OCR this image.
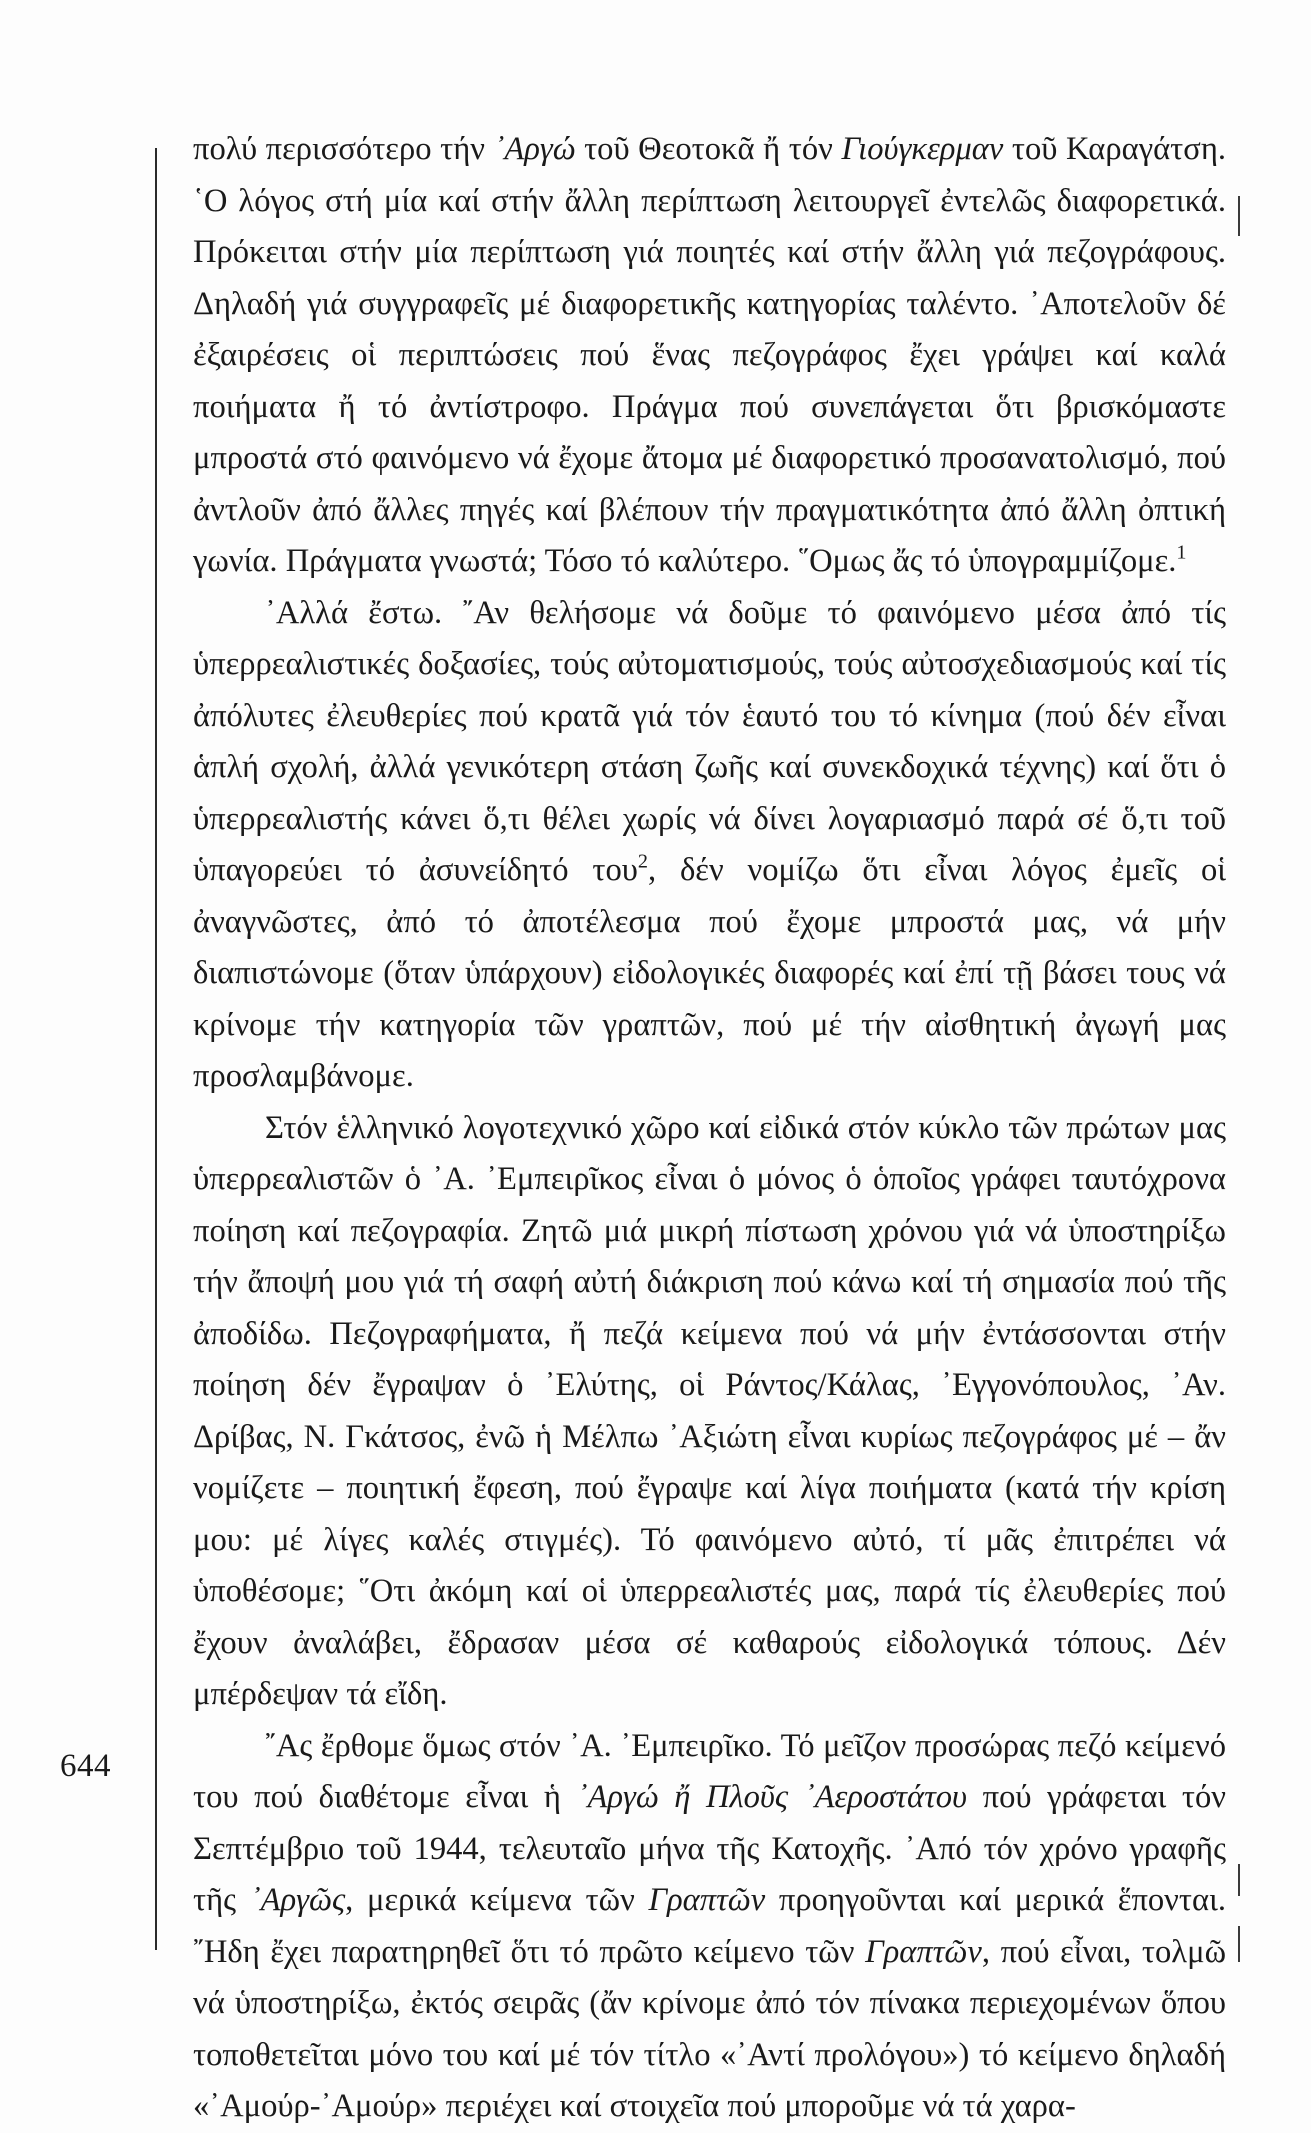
644

πολύ περισσότερο τήν ᾽Αργώ τοῦ Θεοτοκᾶ ἤ τόν Γιούγκερμαν τοῦ Καραγάτση. ῾Ο λόγος στή μία καί στήν ἄλλη περίπτωση λειτουργεῖ ἐντελῶς διαφορετικά. Πρόκειται στήν μία περίπτωση γιά ποιητές καί στήν ἄλλη γιά πεζογράφους. Δηλαδή γιά συγγραφεῖς μέ διαφορετικῆς κατηγορίας ταλέντο. ᾽Αποτελοῦν δέ ἐξαιρέσεις οἱ περιπτώσεις πού ἕνας πεζογράφος ἔχει γράψει καί καλά ποιήματα ἤ τό ἀντίστροφο. Πράγμα πού συνεπάγεται ὅτι βρισκόμαστε μπροστά στό φαινόμενο νά ἔχομε ἄτομα μέ διαφορετικό προσανατολισμό, πού ἀντλοῦν ἀπό ἄλλες πηγές καί βλέπουν τήν πραγματικότητα ἀπό ἄλλη ὀπτική γωνία. Πράγματα γνωστά; Τόσο τό καλύτερο. ῞Ομως ἄς τό ὑπογραμμίζομε.$^1$

᾽Αλλά ἔστω. ῎Αν θελήσομε νά δοῦμε τό φαινόμενο μέσα ἀπό τίς ὑπερρεαλιστικές δοξασίες, τούς αὐτοματισμούς, τούς αὐτοσχεδιασμούς καί τίς ἀπόλυτες ἐλευθερίες πού κρατᾶ γιά τόν ἑαυτό του τό κίνημα (πού δέν εἶναι ἁπλή σχολή, ἀλλά γενικότερη στάση ζωῆς καί συνεκδοχικά τέχνης) καί ὅτι ὁ ὑπερρεαλιστής κάνει ὅ,τι θέλει χωρίς νά δίνει λογαριασμό παρά σέ ὅ,τι τοῦ ὑπαγορεύει τό ἀσυνείδητό του$^2$, δέν νομίζω ὅτι εἶναι λόγος ἐμεῖς οἱ ἀναγνῶστες, ἀπό τό ἀποτέλεσμα πού ἔχομε μπροστά μας, νά μήν διαπιστώνομε (ὅταν ὑπάρχουν) εἰδολογικές διαφορές καί ἐπί τῇ βάσει τους νά κρίνομε τήν κατηγορία τῶν γραπτῶν, πού μέ τήν αἰσθητική ἀγωγή μας προσλαμβάνομε.

Στόν ἑλληνικό λογοτεχνικό χῶρο καί εἰδικά στόν κύκλο τῶν πρώτων μας ὑπερρεαλιστῶν ὁ ᾽Α. ᾽Εμπειρῖκος εἶναι ὁ μόνος ὁ ὁποῖος γράφει ταυτόχρονα ποίηση καί πεζογραφία. Ζητῶ μιά μικρή πίστωση χρόνου γιά νά ὑποστηρίξω τήν ἄποψή μου γιά τή σαφή αὐτή διάκριση πού κάνω καί τή σημασία πού τῆς ἀποδίδω. Πεζογραφήματα, ἤ πεζά κείμενα πού νά μήν ἐντάσσονται στήν ποίηση δέν ἔγραψαν ὁ ᾽Ελύτης, οἱ Ράντος/Κάλας, ᾽Εγγονόπουλος, ᾽Αν. Δρίβας, Ν. Γκάτσος, ἐνῶ ἡ Μέλπω ᾽Αξιώτη εἶναι κυρίως πεζογράφος μέ – ἄν νομίζετε – ποιητική ἔφεση, πού ἔγραψε καί λίγα ποιήματα (κατά τήν κρίση μου: μέ λίγες καλές στιγμές). Τό φαινόμενο αὐτό, τί μᾶς ἐπιτρέπει νά ὑποθέσομε; ῞Οτι ἀκόμη καί οἱ ὑπερρεαλιστές μας, παρά τίς ἐλευθερίες πού ἔχουν ἀναλάβει, ἔδρασαν μέσα σέ καθαρούς εἰδολογικά τόπους. Δέν μπέρδεψαν τά εἴδη.

῎Ας ἔρθομε ὅμως στόν ᾽Α. ᾽Εμπειρῖκο. Τό μεῖζον προσώρας πεζό κείμενό του πού διαθέτομε εἶναι ἡ ᾽Αργώ ἤ Πλοῦς ᾽Αεροστάτου πού γράφεται τόν Σεπτέμβριο τοῦ 1944, τελευταῖο μήνα τῆς Κατοχῆς. ᾽Από τόν χρόνο γραφῆς τῆς ᾽Αργῶς, μερικά κείμενα τῶν Γραπτῶν προηγοῦνται καί μερικά ἕπονται. ῎Ηδη ἔχει παρατηρηθεῖ ὅτι τό πρῶτο κείμενο τῶν Γραπτῶν, πού εἶναι, τολμῶ νά ὑποστηρίξω, ἐκτός σειρᾶς (ἄν κρίνομε ἀπό τόν πίνακα περιεχομένων ὅπου τοποθετεῖται μόνο του καί μέ τόν τίτλο «᾽Αντί προλόγου») τό κείμενο δηλαδή «᾽Αμούρ-᾽Αμούρ» περιέχει καί στοιχεῖα πού μποροῦμε νά τά χαρα-
